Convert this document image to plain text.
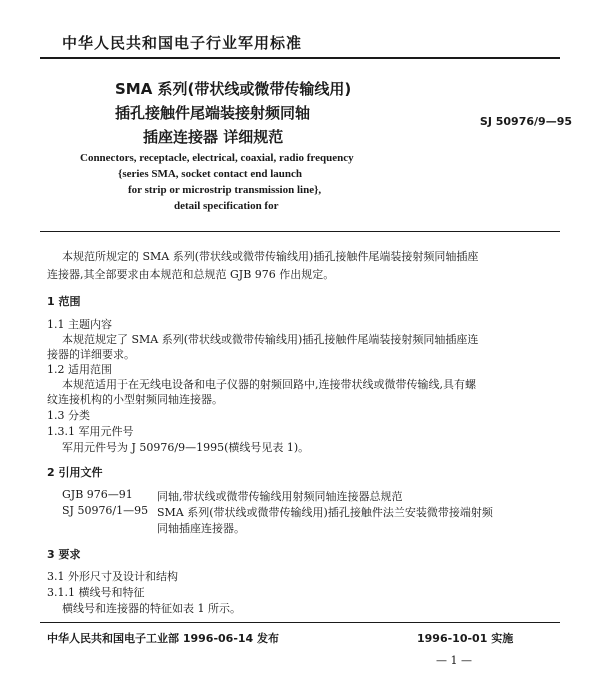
中华人民共和国电子行业军用标准
SMA 系列(带状线或微带传输线用)
插孔接触件尾端装接射频同轴
插座连接器 详细规范
SJ 50976/9—95
Connectors, receptacle, electrical, coaxial, radio frequency
{series SMA, socket contact end launch
for strip or microstrip transmission line},
detail specification for
本规范所规定的 SMA 系列(带状线或微带传输线用)插孔接触件尾端装接射频同轴插座
连接器,其全部要求由本规范和总规范 GJB 976 作出规定。
1 范围
1.1 主题内容
本规范规定了 SMA 系列(带状线或微带传输线用)插孔接触件尾端装接射频同轴插座连
接器的详细要求。
1.2 适用范围
本规范适用于在无线电设备和电子仪器的射频回路中,连接带状线或微带传输线,具有螺
纹连接机构的小型射频同轴连接器。
1.3 分类
1.3.1 军用元件号
军用元件号为 J 50976/9—1995(横线号见表 1)。
2 引用文件
GJB 976—91 同轴,带状线或微带传输线用射频同轴连接器总规范
SJ 50976/1—95 SMA 系列(带状线或微带传输线用)插孔接触件法兰安装微带接端射频
同轴插座连接器。
3 要求
3.1 外形尺寸及设计和结构
3.1.1 横线号和特征
横线号和连接器的特征如表 1 所示。
中华人民共和国电子工业部 1996-06-14 发布	1996-10-01 实施
— 1 —
